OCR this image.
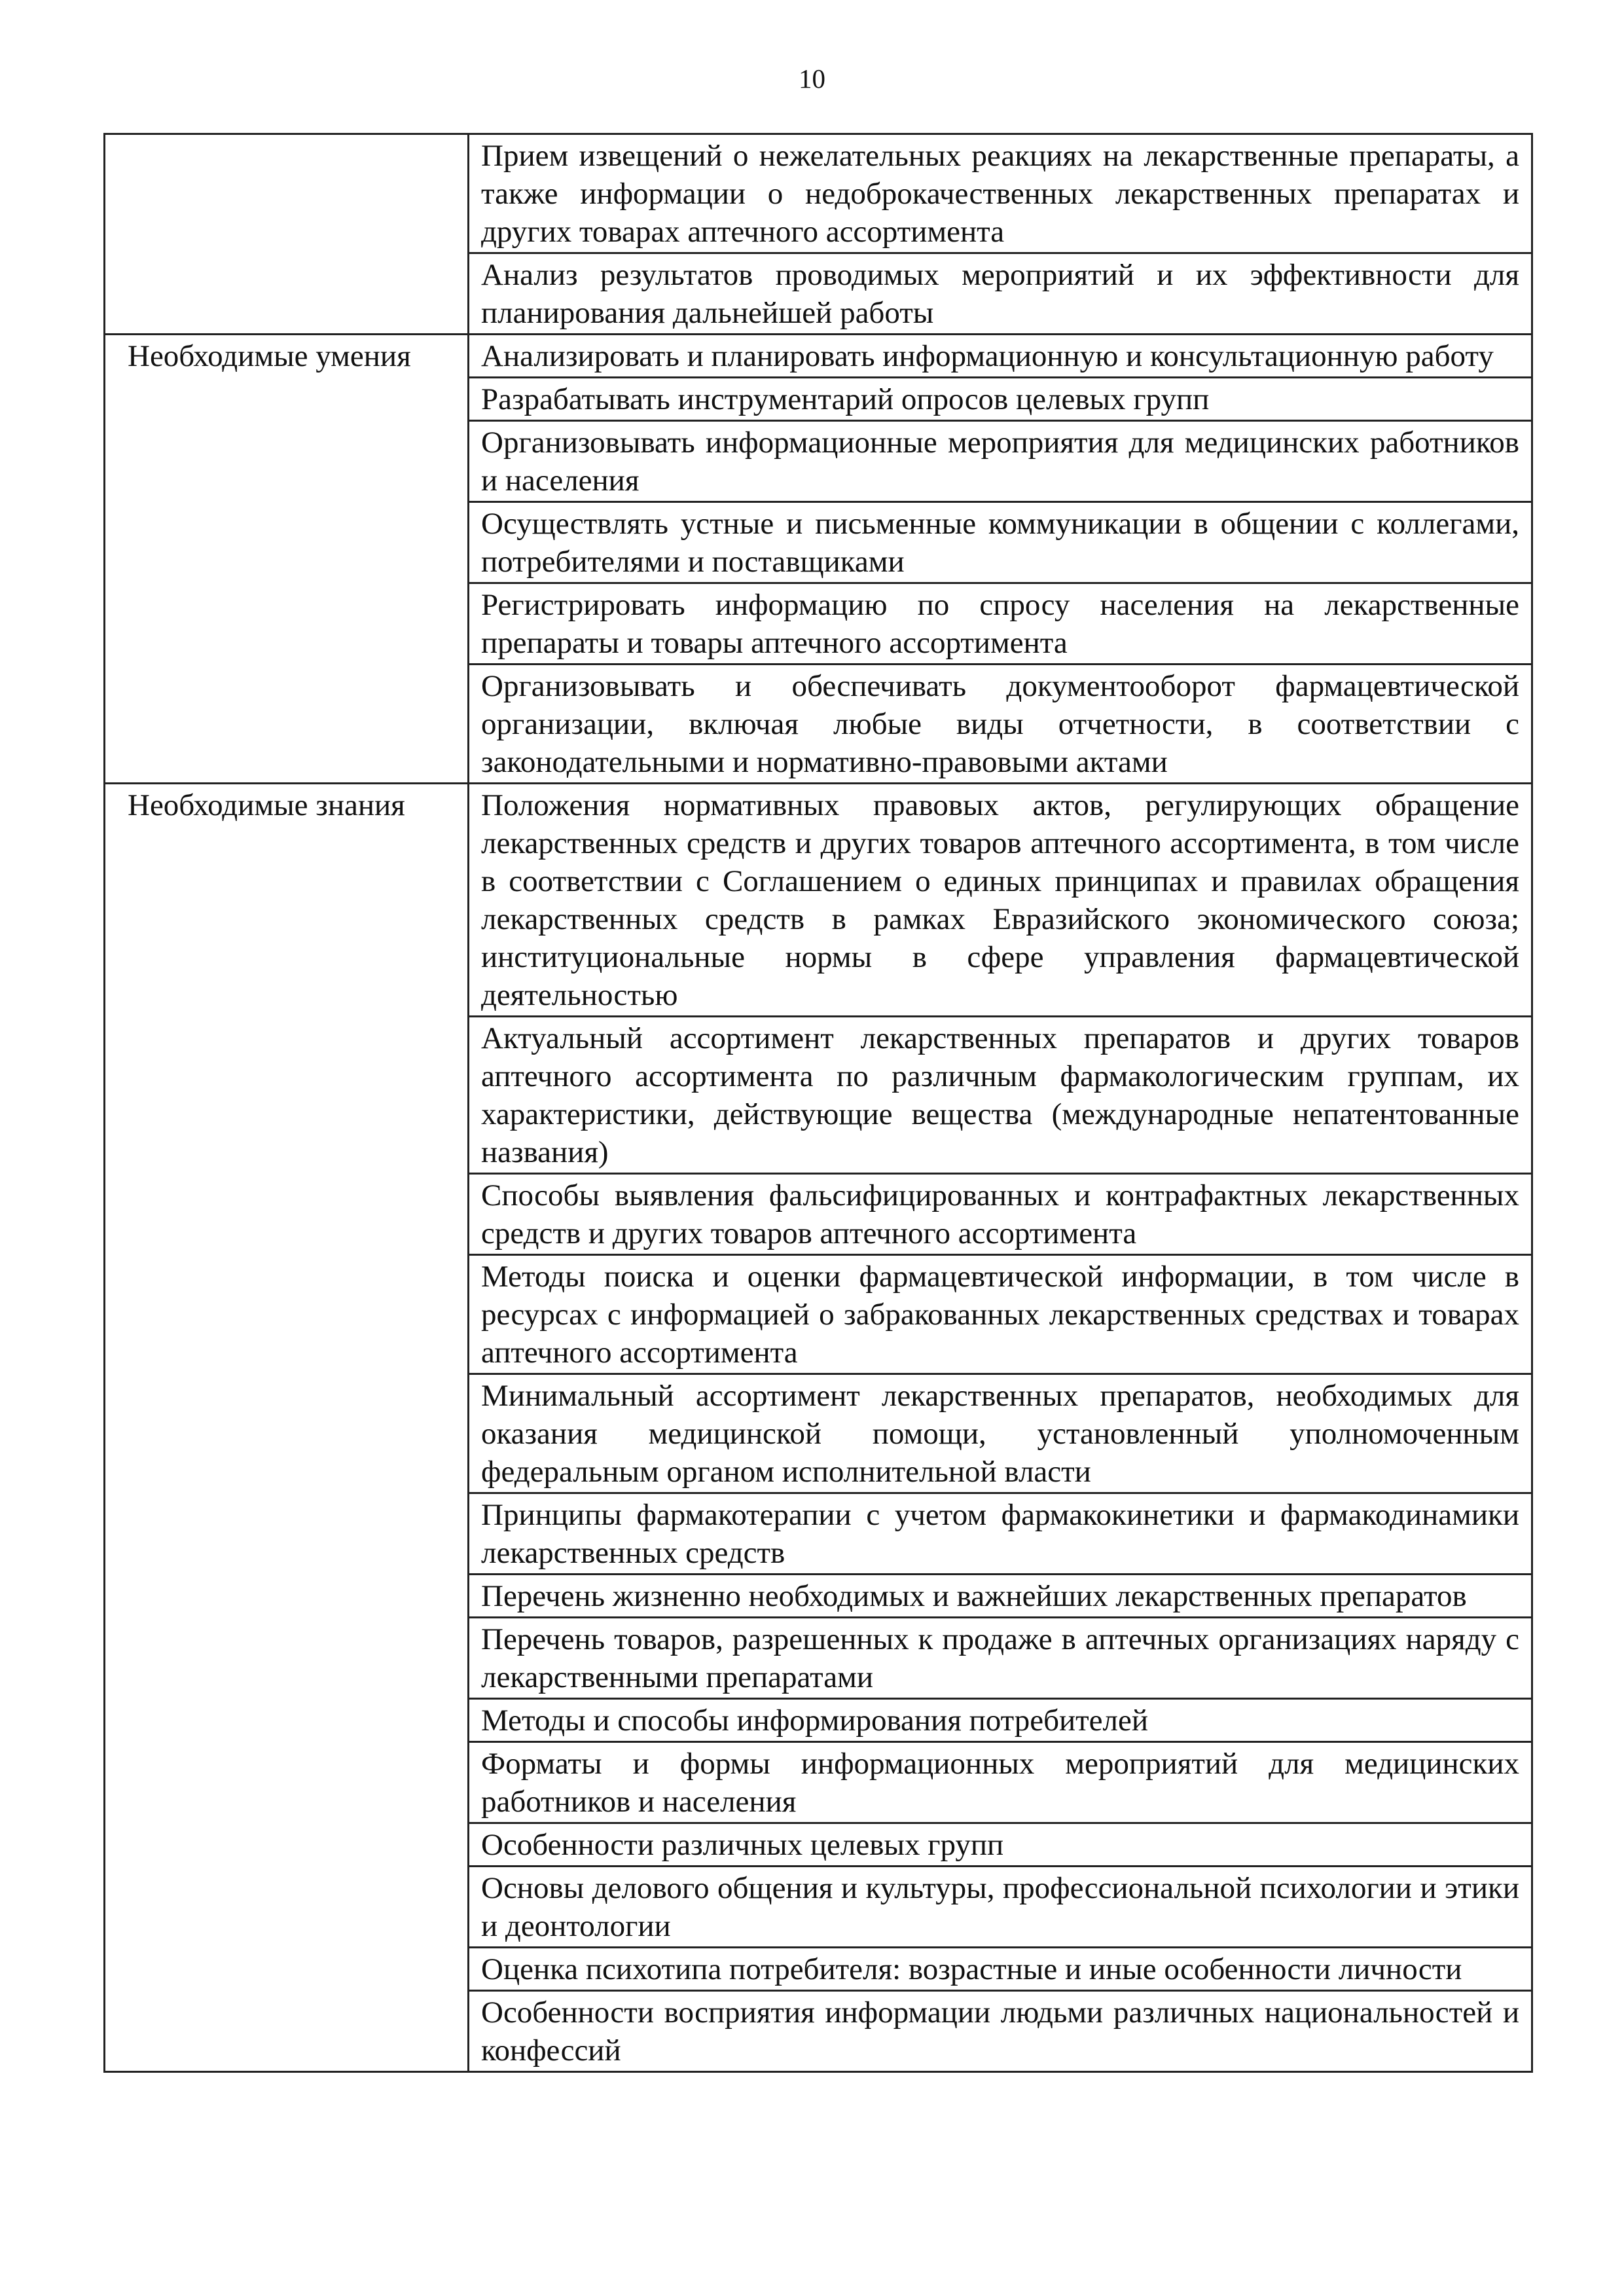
10
	Прием извещений о нежелательных реакциях на лекарственные препараты, а также информации о недоброкачественных лекарственных препаратах и других товарах аптечного ассортимента
	Анализ результатов проводимых мероприятий и их эффективности для планирования дальнейшей работы
Необходимые умения	Анализировать и планировать информационную и консультационную работу
	Разрабатывать инструментарий опросов целевых групп
	Организовывать информационные мероприятия для медицинских работников и населения
	Осуществлять устные и письменные коммуникации в общении с коллегами, потребителями и поставщиками
	Регистрировать информацию по спросу населения на лекарственные препараты и товары аптечного ассортимента
	Организовывать и обеспечивать документооборот фармацевтической организации, включая любые виды отчетности, в соответствии с законодательными и нормативно-правовыми актами
Необходимые знания	Положения нормативных правовых актов, регулирующих обращение лекарственных средств и других товаров аптечного ассортимента, в том числе в соответствии с Соглашением о единых принципах и правилах обращения лекарственных средств в рамках Евразийского экономического союза; институциональные нормы в сфере управления фармацевтической деятельностью
	Актуальный ассортимент лекарственных препаратов и других товаров аптечного ассортимента по различным фармакологическим группам, их характеристики, действующие вещества (международные непатентованные названия)
	Способы выявления фальсифицированных и контрафактных лекарственных средств и других товаров аптечного ассортимента
	Методы поиска и оценки фармацевтической информации, в том числе в ресурсах с информацией о забракованных лекарственных средствах и товарах аптечного ассортимента
	Минимальный ассортимент лекарственных препаратов, необходимых для оказания медицинской помощи, установленный уполномоченным федеральным органом исполнительной власти
	Принципы фармакотерапии с учетом фармакокинетики и фармакодинамики лекарственных средств
	Перечень жизненно необходимых и важнейших лекарственных препаратов
	Перечень товаров, разрешенных к продаже в аптечных организациях наряду с лекарственными препаратами
	Методы и способы информирования потребителей
	Форматы и формы информационных мероприятий для медицинских работников и населения
	Особенности различных целевых групп
	Основы делового общения и культуры, профессиональной психологии и этики и деонтологии
	Оценка психотипа потребителя: возрастные и иные особенности личности
	Особенности восприятия информации людьми различных национальностей и конфессий
